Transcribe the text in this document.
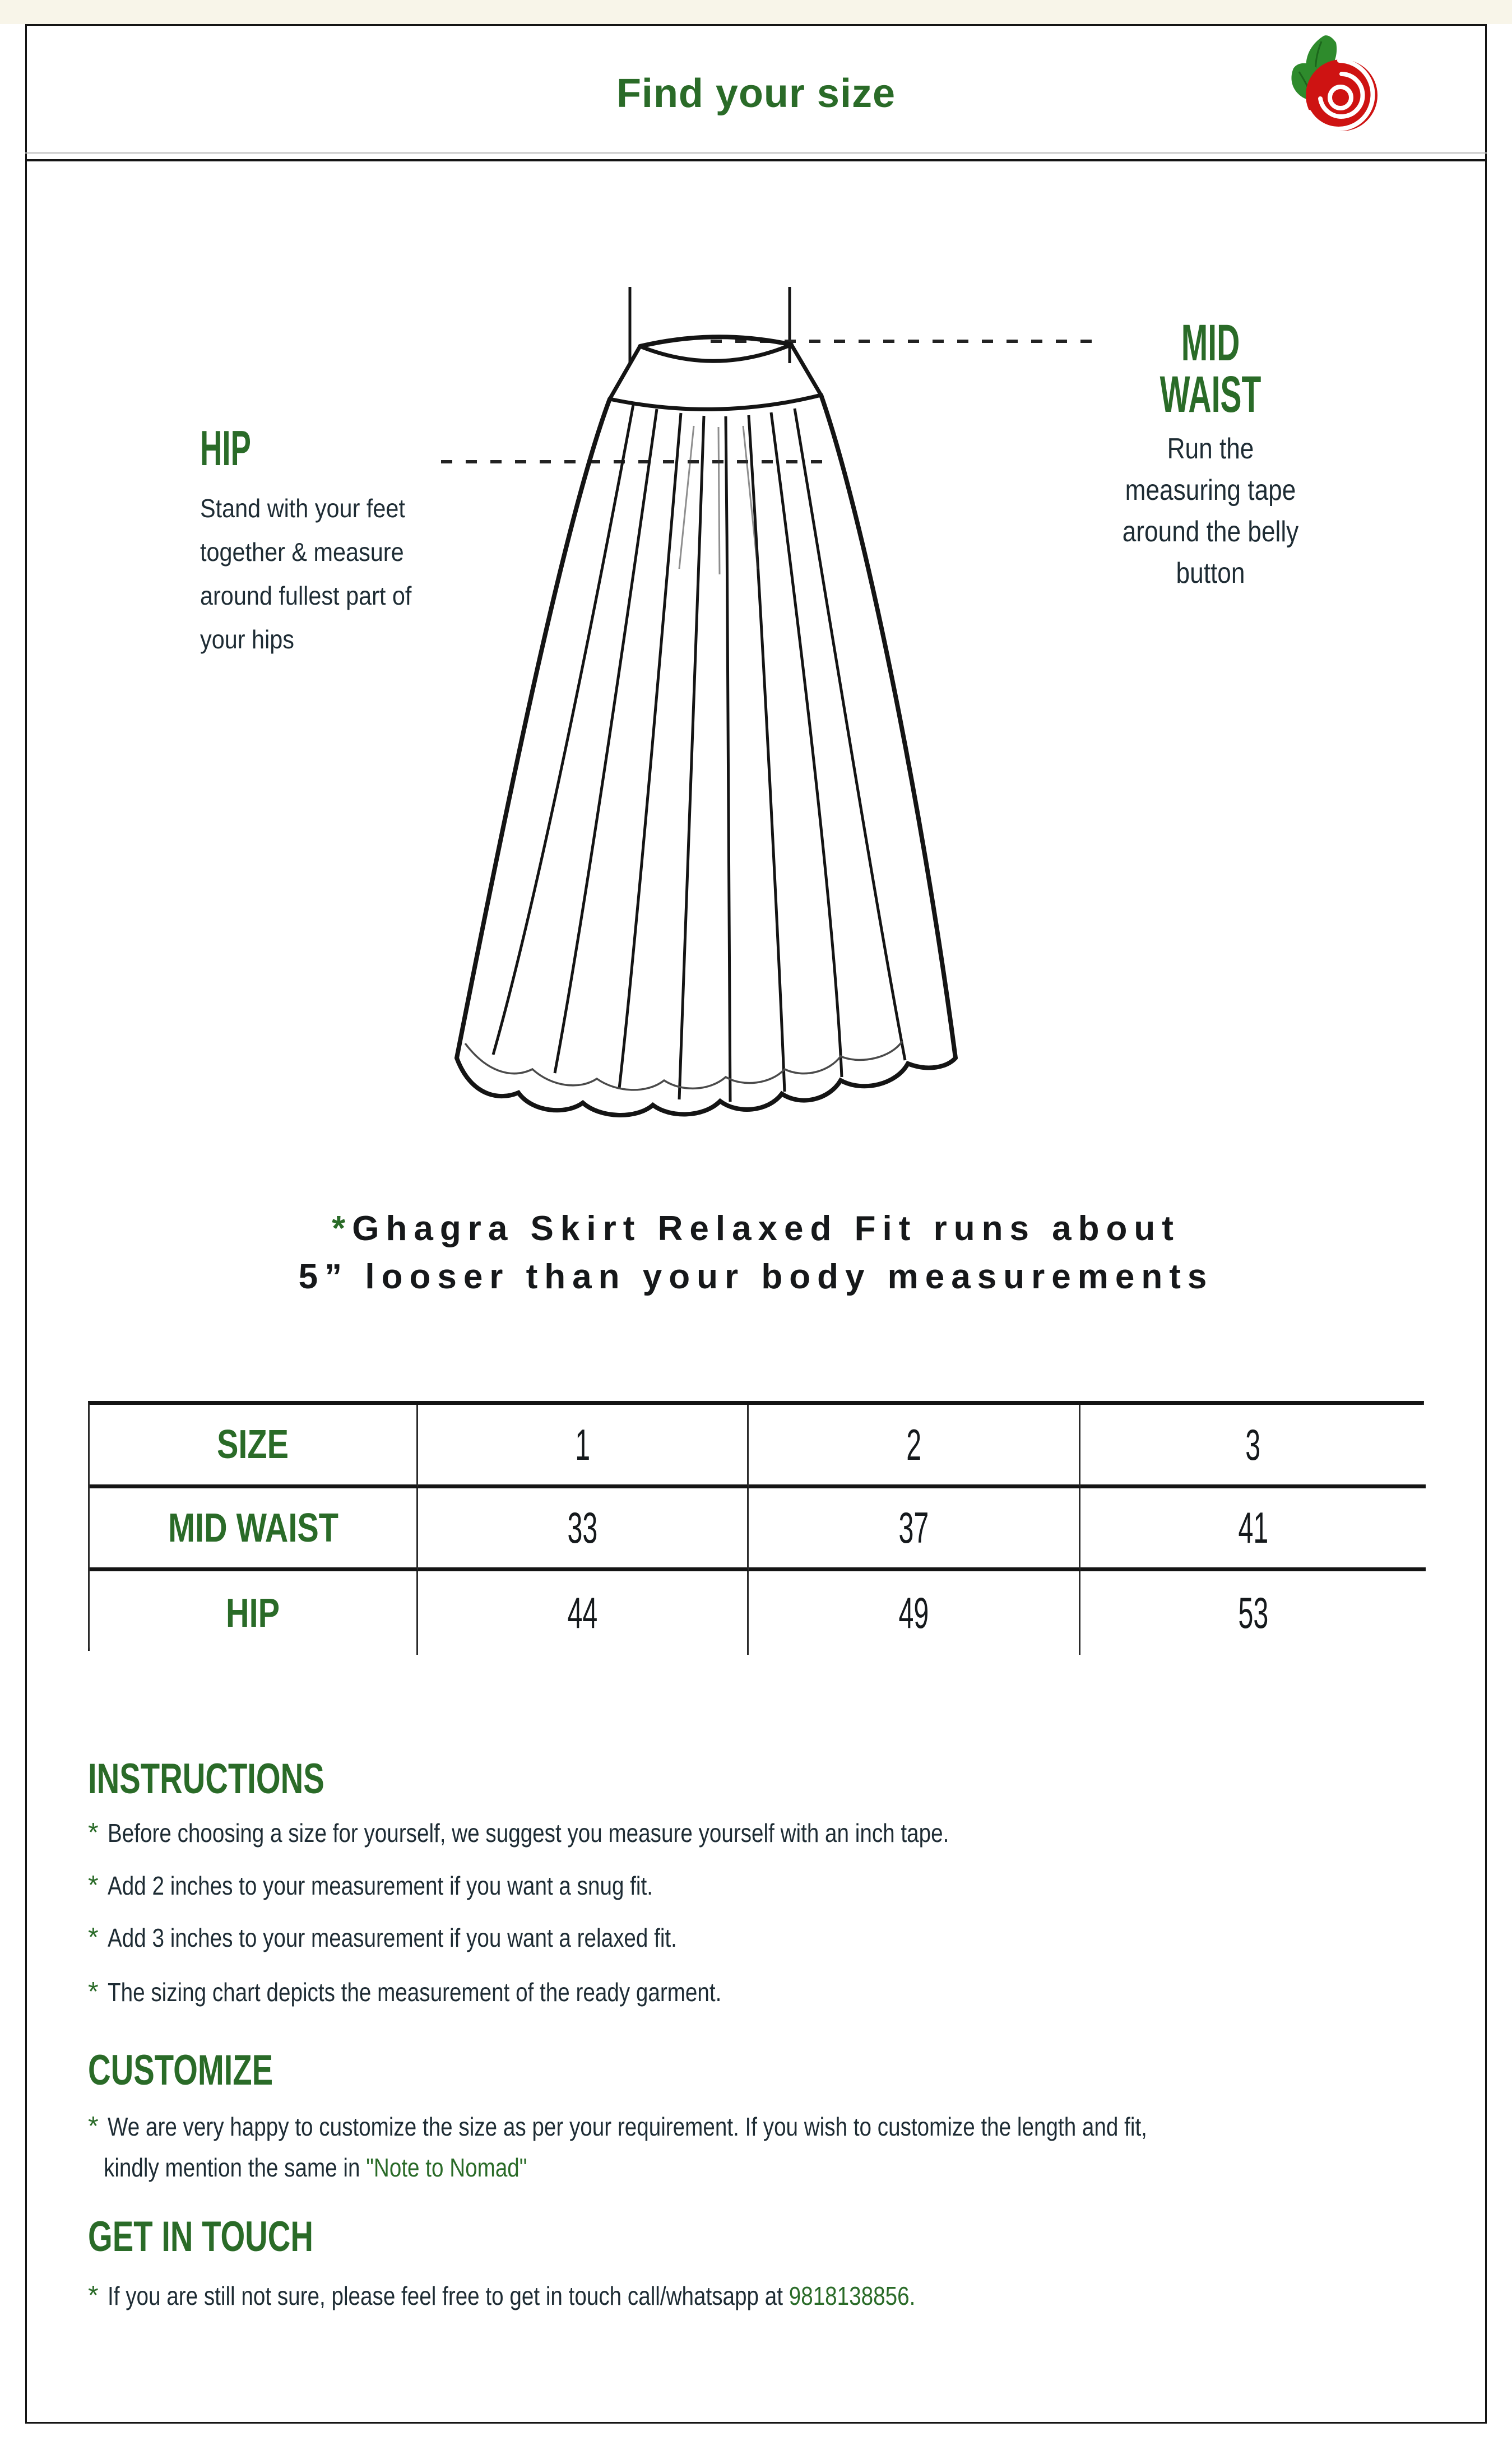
Find your size
MID WAIST
Run the measuring tape
around the belly button
HIP
Stand with your feet
together & measure
around fullest part of
your hips
*Ghagra Skirt Relaxed Fit runs about
5” looser than your body measurements
SIZE	1	2	3
MID WAIST	33	37	41
HIP	44	49	53
INSTRUCTIONS
* Before choosing a size for yourself, we suggest you measure yourself with an inch tape.
* Add 2 inches to your measurement if you want a snug fit.
* Add 3 inches to your measurement if you want a relaxed fit.
* The sizing chart depicts the measurement of the ready garment.
CUSTOMIZE
* We are very happy to customize the size as per your requirement. If you wish to customize the length and fit,
kindly mention the same in "Note to Nomad"
GET IN TOUCH
* If you are still not sure, please feel free to get in touch call/whatsapp at 9818138856.
